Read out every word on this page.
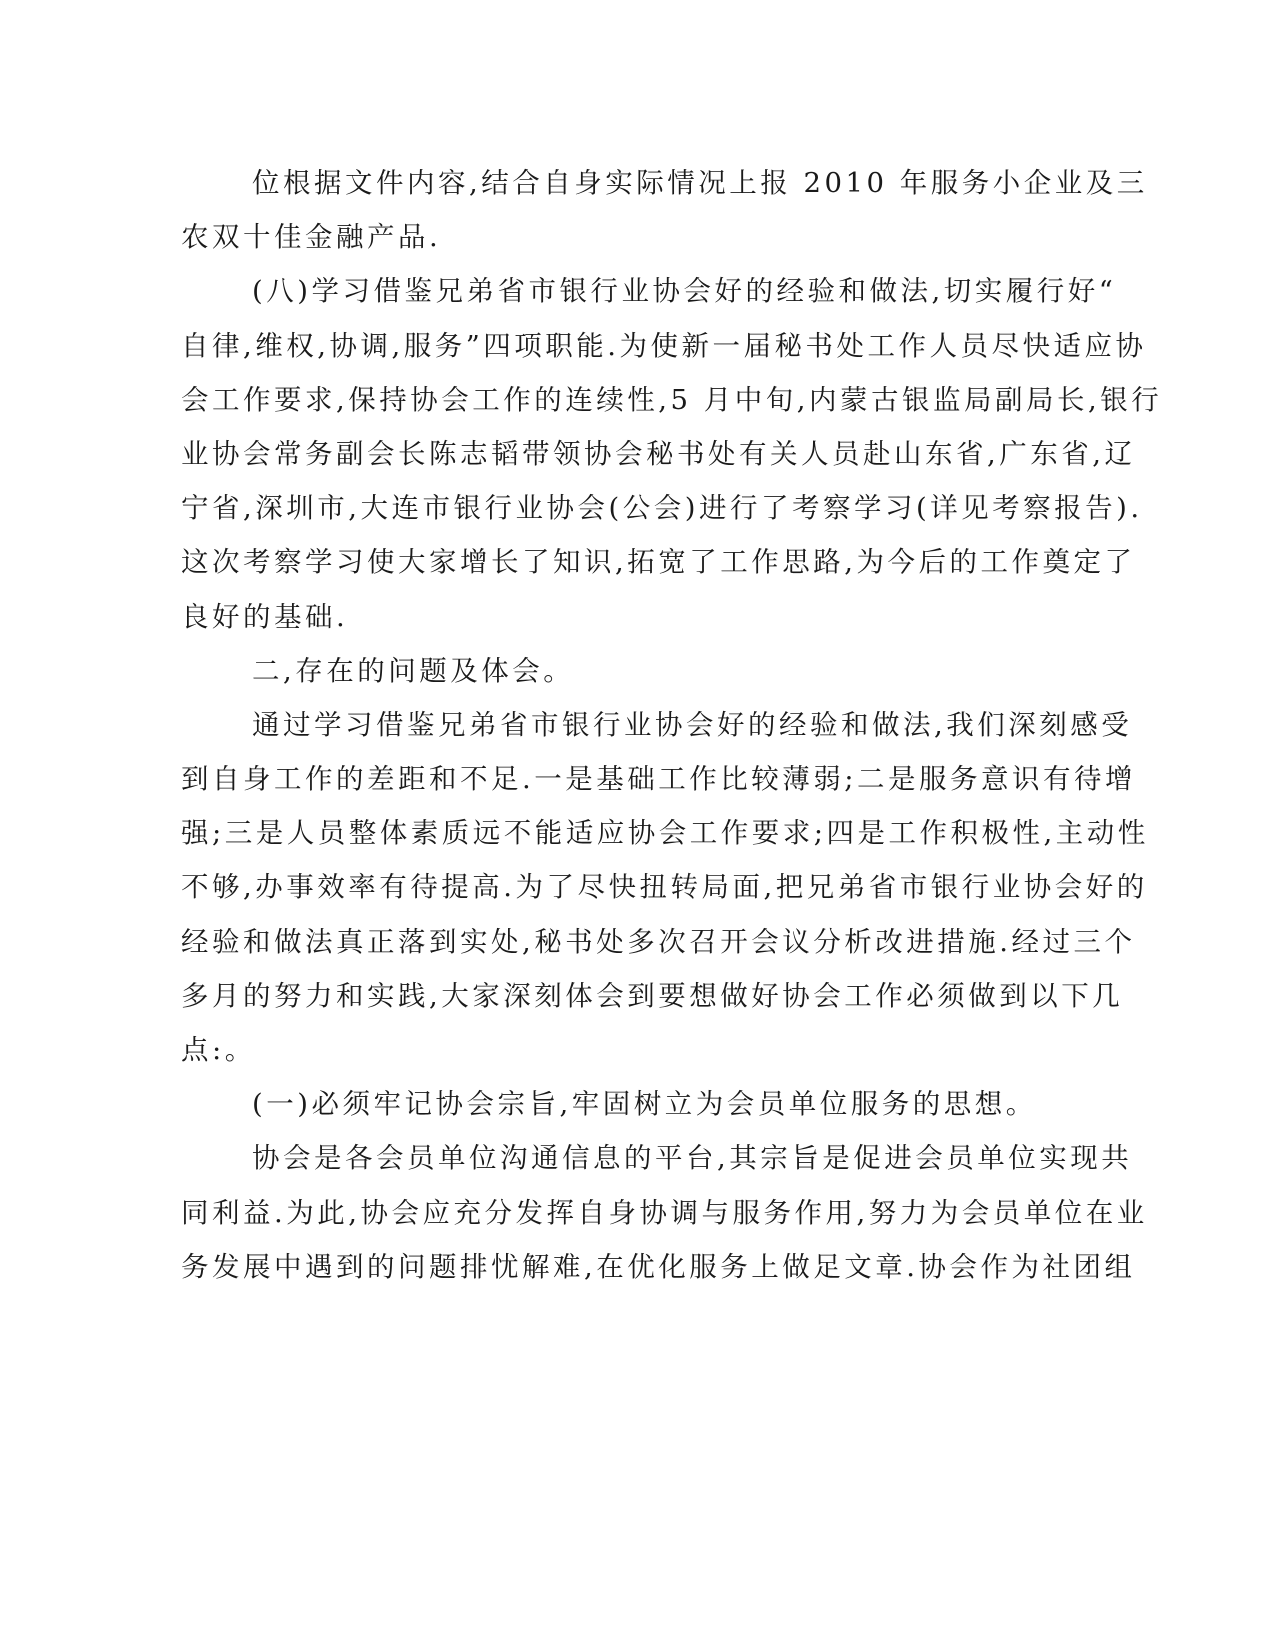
位根据文件内容,结合自身实际情况上报 2010 年服务小企业及三
农双十佳金融产品.
(八)学习借鉴兄弟省市银行业协会好的经验和做法,切实履行好“
自律,维权,协调,服务”四项职能.为使新一届秘书处工作人员尽快适应协
会工作要求,保持协会工作的连续性,5 月中旬,内蒙古银监局副局长,银行
业协会常务副会长陈志韬带领协会秘书处有关人员赴山东省,广东省,辽
宁省,深圳市,大连市银行业协会(公会)进行了考察学习(详见考察报告).
这次考察学习使大家增长了知识,拓宽了工作思路,为今后的工作奠定了
良好的基础.
二,存在的问题及体会。
通过学习借鉴兄弟省市银行业协会好的经验和做法,我们深刻感受
到自身工作的差距和不足.一是基础工作比较薄弱;二是服务意识有待增
强;三是人员整体素质远不能适应协会工作要求;四是工作积极性,主动性
不够,办事效率有待提高.为了尽快扭转局面,把兄弟省市银行业协会好的
经验和做法真正落到实处,秘书处多次召开会议分析改进措施.经过三个
多月的努力和实践,大家深刻体会到要想做好协会工作必须做到以下几
点:。
(一)必须牢记协会宗旨,牢固树立为会员单位服务的思想。
协会是各会员单位沟通信息的平台,其宗旨是促进会员单位实现共
同利益.为此,协会应充分发挥自身协调与服务作用,努力为会员单位在业
务发展中遇到的问题排忧解难,在优化服务上做足文章.协会作为社团组
